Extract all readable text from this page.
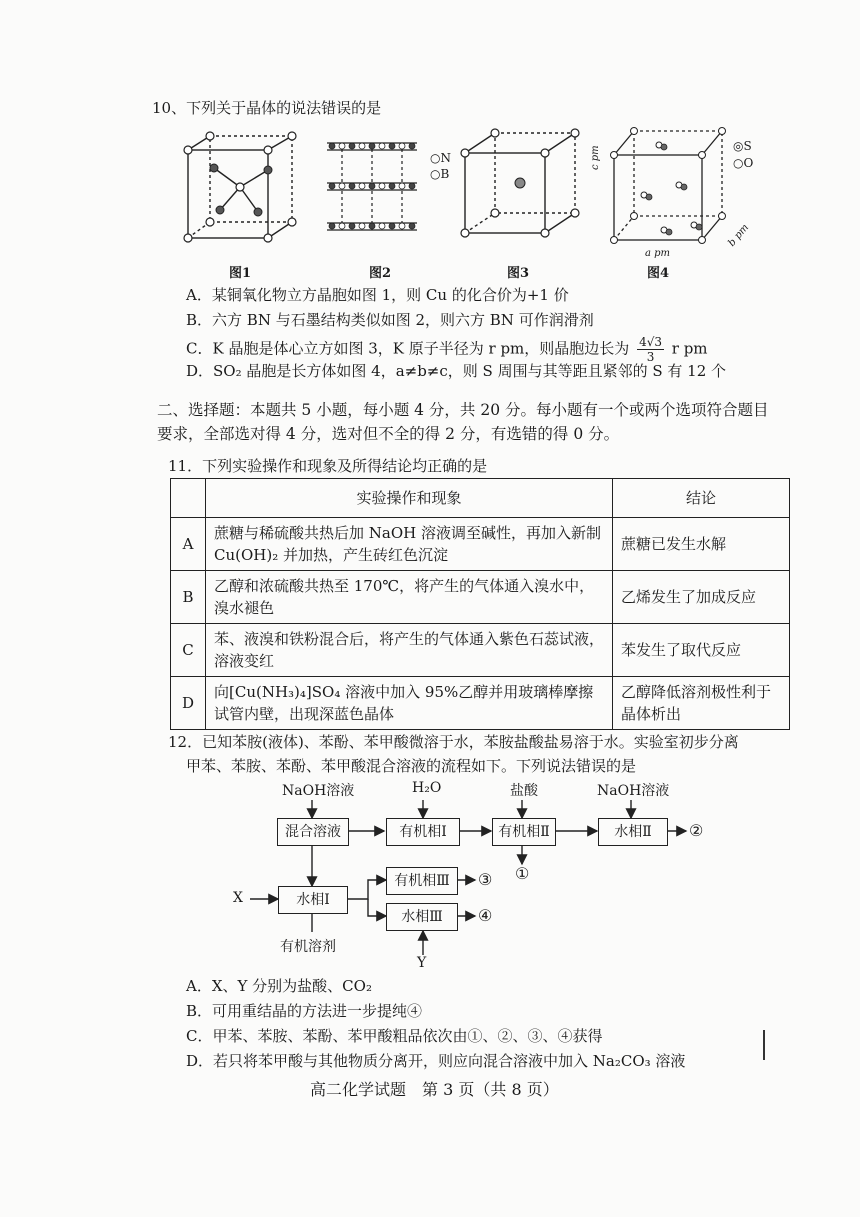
10、下列关于晶体的说法错误的是
图1
○N
○B
图2	图3
◎S
○O
c pm
a pm
b pm
图4
A．某铜氧化物立方晶胞如图 1，则 Cu 的化合价为+1 价
B．六方 BN 与石墨结构类似如图 2，则六方 BN 可作润滑剂
C．K 晶胞是体心立方如图 3，K 原子半径为 r pm，则晶胞边长为 $\frac{4√3}{3}$ r pm
D．SO₂ 晶胞是长方体如图 4，a≠b≠c，则 S 周围与其等距且紧邻的 S 有 12 个
二、选择题：本题共 5 小题，每小题 4 分，共 20 分。每小题有一个或两个选项符合题目
要求，全部选对得 4 分，选对但不全的得 2 分，有选错的得 0 分。
11．下列实验操作和现象及所得结论均正确的是
	实验操作和现象	结论
A	蔗糖与稀硫酸共热后加 NaOH 溶液调至碱性，再加入新制 Cu(OH)₂ 并加热，产生砖红色沉淀	蔗糖已发生水解
B	乙醇和浓硫酸共热至 170℃，将产生的气体通入溴水中，溴水褪色	乙烯发生了加成反应
C	苯、液溴和铁粉混合后，将产生的气体通入紫色石蕊试液，溶液变红	苯发生了取代反应
D	向[Cu(NH₃)₄]SO₄ 溶液中加入 95%乙醇并用玻璃棒摩擦试管内壁，出现深蓝色晶体	乙醇降低溶剂极性利于晶体析出
12．已知苯胺(液体)、苯酚、苯甲酸微溶于水，苯胺盐酸盐易溶于水。实验室初步分离
甲苯、苯胺、苯酚、苯甲酸混合溶液的流程如下。下列说法错误的是
NaOH溶液	H₂O	盐酸	NaOH溶液
混合溶液	有机相Ⅰ	有机相Ⅱ	水相Ⅱ
水相Ⅰ
有机相Ⅲ
水相Ⅲ
②
①
③
④
X
有机溶剂
Y
A．X、Y 分别为盐酸、CO₂
B．可用重结晶的方法进一步提纯④
C．甲苯、苯胺、苯酚、苯甲酸粗品依次由①、②、③、④获得
D．若只将苯甲酸与其他物质分离开，则应向混合溶液中加入 Na₂CO₃ 溶液
高二化学试题　第 3 页（共 8 页）
